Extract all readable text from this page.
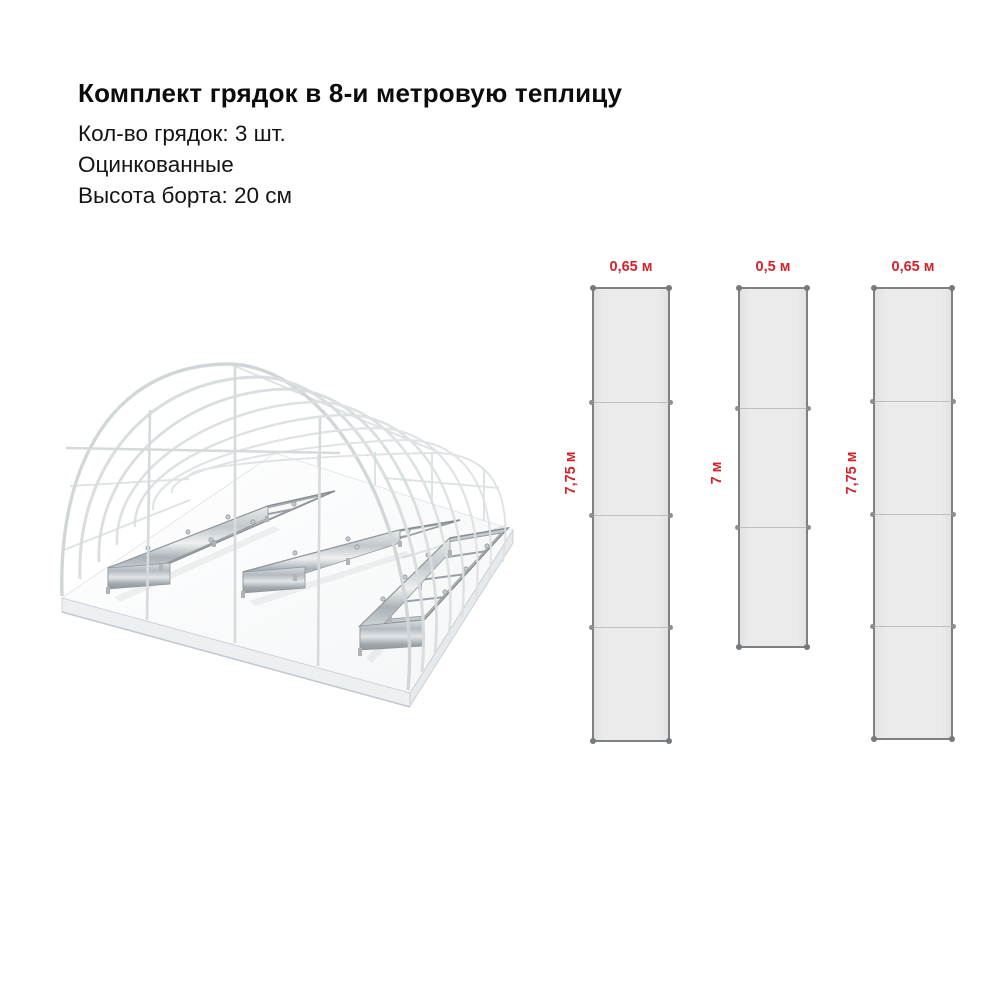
Комплект грядок в 8-и метровую теплицу
Кол-во грядок: 3 шт.
Оцинкованные
Высота борта: 20 см
0,65 м
7,75 м
0,5 м
7 м
0,65 м
7,75 м
